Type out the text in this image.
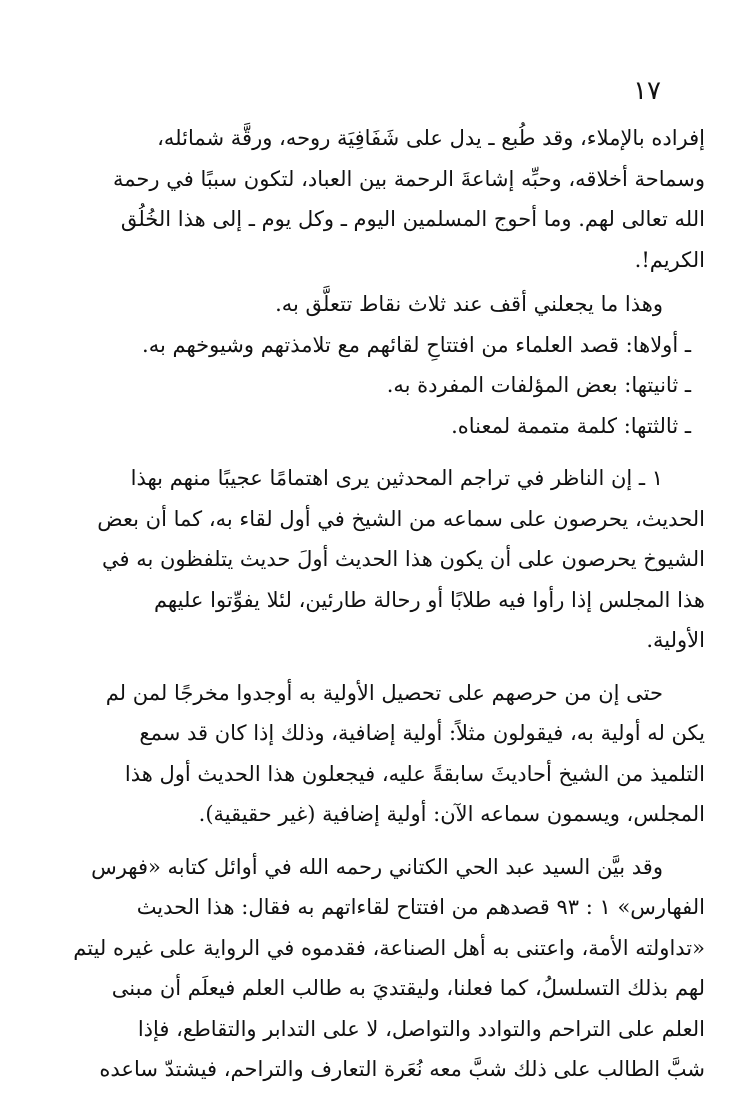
١٧
إفراده بالإملاء، وقد طُبع ـ يدل على شَفَافِيَة روحه، ورقَّة شمائله،
وسماحة أخلاقه، وحبِّه إشاعةَ الرحمة بين العباد، لتكون سببًا في رحمة
الله تعالى لهم. وما أحوج المسلمين اليوم ـ وكل يوم ـ إلى هذا الخُلُق
الكريم!.
وهذا ما يجعلني أقف عند ثلاث نقاط تتعلَّق به.
ـ أولاها: قصد العلماء من افتتاحِ لقائهم مع تلامذتهم وشيوخهم به.
ـ ثانيتها: بعض المؤلفات المفردة به.
ـ ثالثتها: كلمة متممة لمعناه.
١ ـ إن الناظر في تراجم المحدثين يرى اهتمامًا عجيبًا منهم بهذا
الحديث، يحرصون على سماعه من الشيخ في أول لقاء به، كما أن بعض
الشيوخ يحرصون على أن يكون هذا الحديث أولَ حديث يتلفظون به في
هذا المجلس إذا رأوا فيه طلابًا أو رحالة طارئين، لئلا يفوِّتوا عليهم
الأولية.
حتى إن من حرصهم على تحصيل الأولية به أوجدوا مخرجًا لمن لم
يكن له أولية به، فيقولون مثلاً: أولية إضافية، وذلك إذا كان قد سمع
التلميذ من الشيخ أحاديثَ سابقةً عليه، فيجعلون هذا الحديث أول هذا
المجلس، ويسمون سماعه الآن: أولية إضافية (غير حقيقية).
وقد بيَّن السيد عبد الحي الكتاني رحمه الله في أوائل كتابه «فهرس
الفهارس» ١ : ٩٣ قصدهم من افتتاح لقاءاتهم به فقال: هذا الحديث
«تداولته الأمة، واعتنى به أهل الصناعة، فقدموه في الرواية على غيره ليتم
لهم بذلك التسلسلُ، كما فعلنا، وليقتديَ به طالب العلم فيعلَم أن مبنى
العلم على التراحم والتوادد والتواصل، لا على التدابر والتقاطع، فإذا
شبَّ الطالب على ذلك شبَّ معه نُعَرة التعارف والتراحم، فيشتدّ ساعده
